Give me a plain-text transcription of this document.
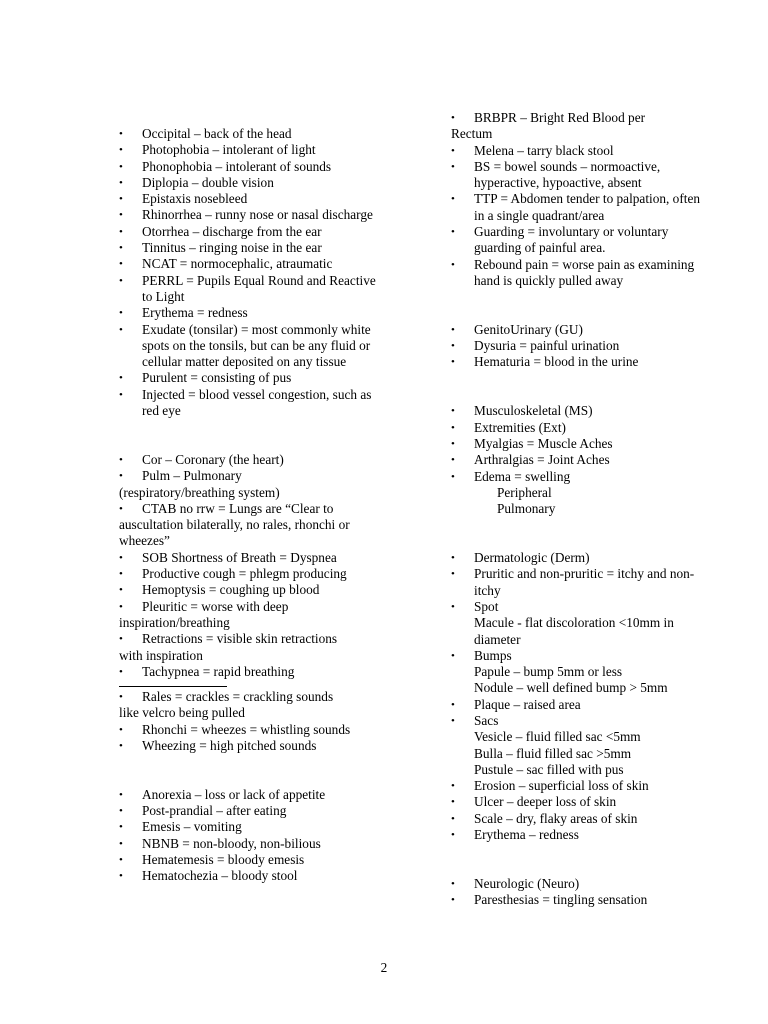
• Occipital – back of the head
• Photophobia – intolerant of light
• Phonophobia – intolerant of sounds
• Diplopia – double vision
• Epistaxis nosebleed
• Rhinorrhea – runny nose or nasal discharge
• Otorrhea – discharge from the ear
• Tinnitus – ringing noise in the ear
• NCAT = normocephalic, atraumatic
• PERRL = Pupils Equal Round and Reactive to Light
• Erythema = redness
• Exudate (tonsilar) = most commonly white spots on the tonsils, but can be any fluid or cellular matter deposited on any tissue
• Purulent = consisting of pus
• Injected = blood vessel congestion, such as red eye
• Cor – Coronary (the heart)
• Pulm – Pulmonary
(respiratory/breathing system)
• CTAB no rrw = Lungs are “Clear to
auscultation bilaterally, no rales, rhonchi or wheezes”
• SOB Shortness of Breath = Dyspnea
• Productive cough = phlegm producing
• Hemoptysis = coughing up blood
• Pleuritic = worse with deep
inspiration/breathing
• Retractions = visible skin retractions
with inspiration
• Tachypnea = rapid breathing
• Rales = crackles = crackling sounds
like velcro being pulled
• Rhonchi = wheezes = whistling sounds
• Wheezing = high pitched sounds
• Anorexia – loss or lack of appetite
• Post-prandial – after eating
• Emesis – vomiting
• NBNB = non-bloody, non-bilious
• Hematemesis = bloody emesis
• Hematochezia – bloody stool
• BRBPR – Bright Red Blood per
Rectum
• Melena – tarry black stool
• BS = bowel sounds – normoactive, hyperactive, hypoactive, absent
• TTP = Abdomen tender to palpation, often in a single quadrant/area
• Guarding = involuntary or voluntary guarding of painful area.
• Rebound pain = worse pain as examining hand is quickly pulled away
• GenitoUrinary (GU)
• Dysuria = painful urination
• Hematuria = blood in the urine
• Musculoskeletal (MS)
• Extremities (Ext)
• Myalgias = Muscle Aches
• Arthralgias = Joint Aches
• Edema = swelling
Peripheral
Pulmonary
• Dermatologic (Derm)
• Pruritic and non-pruritic = itchy and non-itchy
• Spot
Macule - flat discoloration <10mm in diameter
• Bumps
Papule – bump 5mm or less
Nodule – well defined bump > 5mm
• Plaque – raised area
• Sacs
Vesicle – fluid filled sac <5mm
Bulla – fluid filled sac >5mm
Pustule – sac filled with pus
• Erosion – superficial loss of skin
• Ulcer – deeper loss of skin
• Scale – dry, flaky areas of skin
• Erythema – redness
• Neurologic (Neuro)
• Paresthesias = tingling sensation
2
